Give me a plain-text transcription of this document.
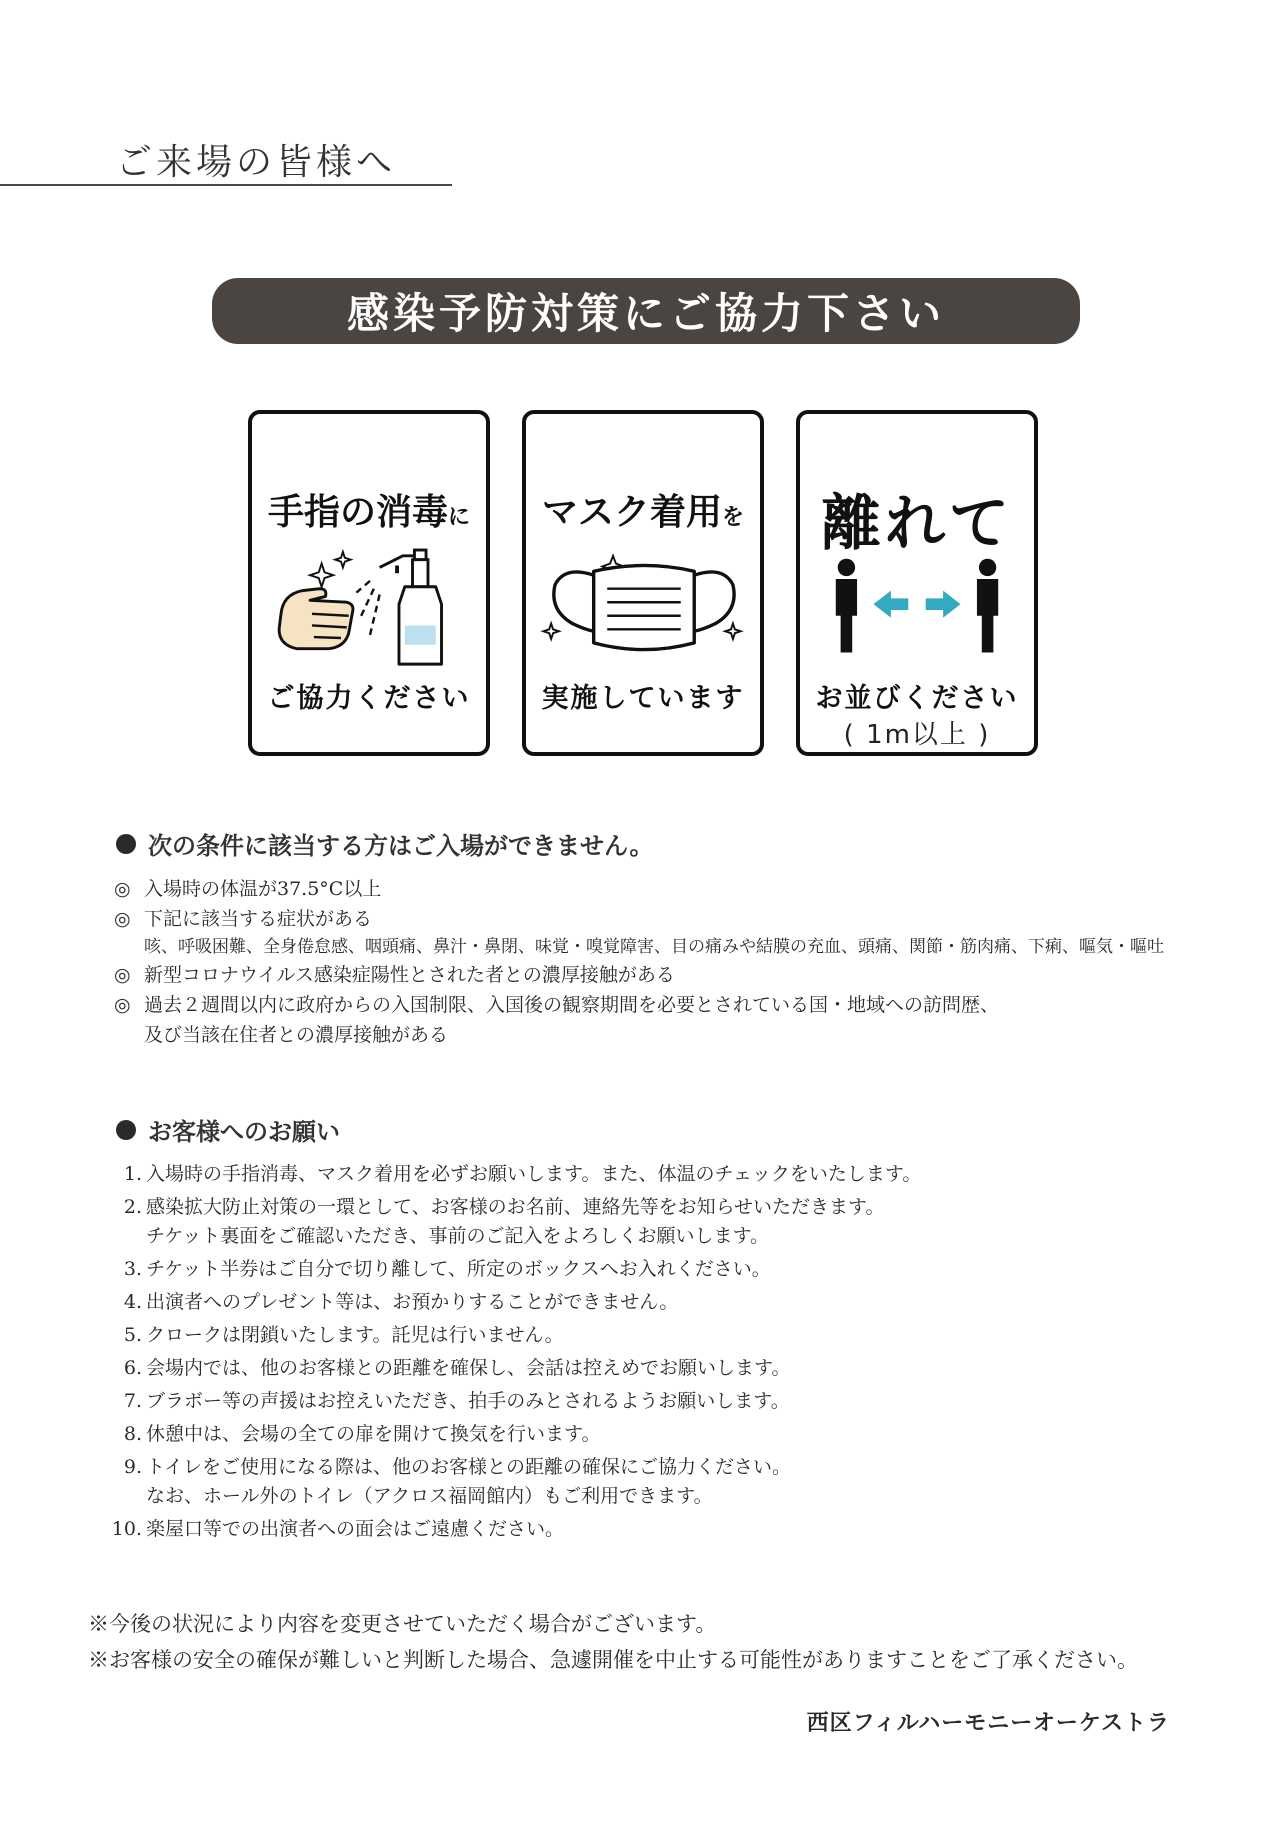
ご来場の皆様へ
感染予防対策にご協力下さい
手指の消毒に
ご協力ください
マスク着用を
実施しています
離れて
お並びください
( 1m以上 )
次の条件に該当する方はご入場ができません。
◎ 入場時の体温が37.5°C以上
◎ 下記に該当する症状がある
咳、呼吸困難、全身倦怠感、咽頭痛、鼻汁・鼻閉、味覚・嗅覚障害、目の痛みや結膜の充血、頭痛、関節・筋肉痛、下痢、嘔気・嘔吐
◎ 新型コロナウイルス感染症陽性とされた者との濃厚接触がある
◎ 過去２週間以内に政府からの入国制限、入国後の観察期間を必要とされている国・地域への訪問歴、
及び当該在住者との濃厚接触がある
お客様へのお願い
1. 入場時の手指消毒、マスク着用を必ずお願いします。また、体温のチェックをいたします。
2. 感染拡大防止対策の一環として、お客様のお名前、連絡先等をお知らせいただきます。
チケット裏面をご確認いただき、事前のご記入をよろしくお願いします。
3. チケット半券はご自分で切り離して、所定のボックスへお入れください。
4. 出演者へのプレゼント等は、お預かりすることができません。
5. クロークは閉鎖いたします。託児は行いません。
6. 会場内では、他のお客様との距離を確保し、会話は控えめでお願いします。
7. ブラボー等の声援はお控えいただき、拍手のみとされるようお願いします。
8. 休憩中は、会場の全ての扉を開けて換気を行います。
9. トイレをご使用になる際は、他のお客様との距離の確保にご協力ください。
なお、ホール外のトイレ（アクロス福岡館内）もご利用できます。
10. 楽屋口等での出演者への面会はご遠慮ください。
※今後の状況により内容を変更させていただく場合がございます。
※お客様の安全の確保が難しいと判断した場合、急遽開催を中止する可能性がありますことをご了承ください。
西区フィルハーモニーオーケストラ
